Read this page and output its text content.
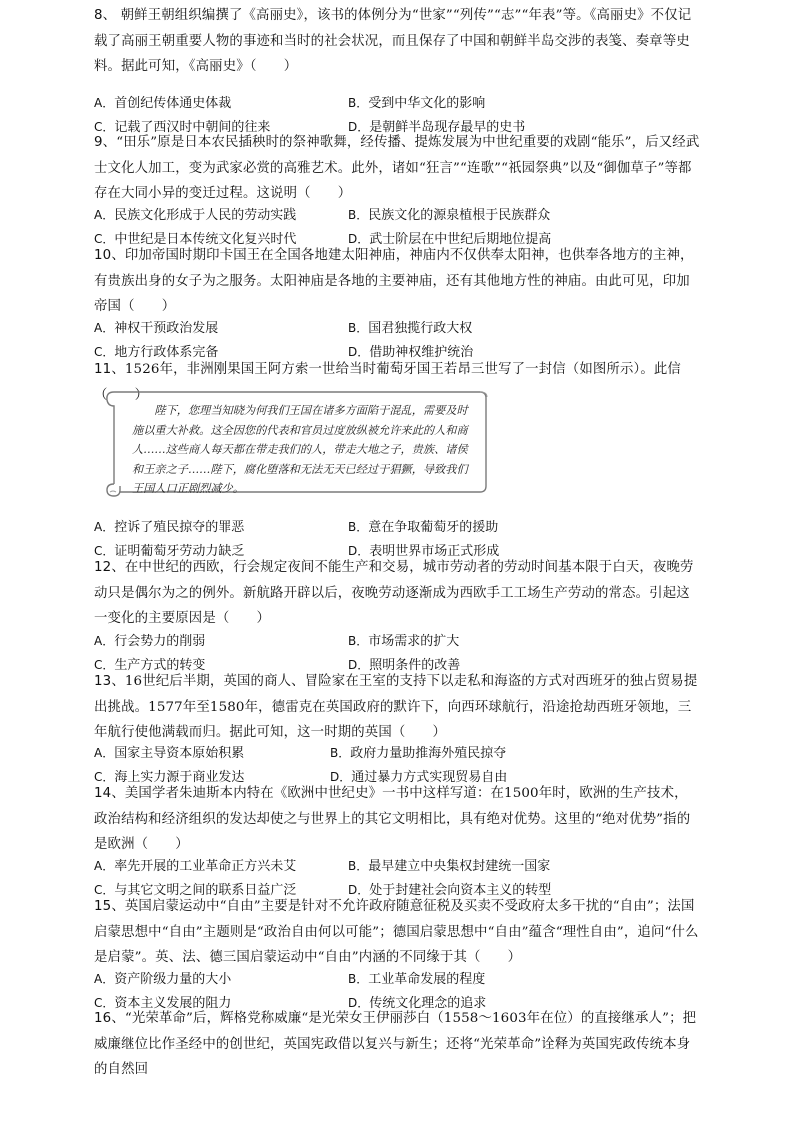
8、 朝鲜王朝组织编撰了《高丽史》，该书的体例分为“世家”“列传”“志”“年表”等。《高丽史》不仅记载了高丽王朝重要人物的事迹和当时的社会状况，而且保存了中国和朝鲜半岛交涉的表笺、奏章等史料。据此可知，《高丽史》（　　）

A．首创纪传体通史体裁	B．受到中华文化的影响
C．记载了西汉时中朝间的往来	D．是朝鲜半岛现存最早的史书

9、“田乐”原是日本农民插秧时的祭神歌舞，经传播、提炼发展为中世纪重要的戏剧“能乐”，后又经武士文化人加工，变为武家必赏的高雅艺术。此外，诸如“狂言”“连歌”“祇园祭典”以及“御伽草子”等都存在大同小异的变迁过程。这说明（　　）

A．民族文化形成于人民的劳动实践	B．民族文化的源泉植根于民族群众
C．中世纪是日本传统文化复兴时代	D．武士阶层在中世纪后期地位提高

10、印加帝国时期印卡国王在全国各地建太阳神庙，神庙内不仅供奉太阳神，也供奉各地方的主神，有贵族出身的女子为之服务。太阳神庙是各地的主要神庙，还有其他地方性的神庙。由此可见，印加帝国（　　）

A．神权干预政治发展	B．国君独揽行政大权
C．地方行政体系完备	D．借助神权维护统治

11、1526年，非洲刚果国王阿方索一世给当时葡萄牙国王若昂三世写了一封信（如图所示）。此信（　　）

陛下，您理当知晓为何我们王国在诸多方面陷于混乱，需要及时施以重大补救。这全因您的代表和官员过度放纵被允许来此的人和商人……这些商人每天都在带走我们的人，带走大地之子，贵族、诸侯和王亲之子……陛下，腐化堕落和无法无天已经过于猖獗，导致我们王国人口正剧烈减少。

A．控诉了殖民掠夺的罪恶	B．意在争取葡萄牙的援助
C．证明葡萄牙劳动力缺乏	D．表明世界市场正式形成

12、在中世纪的西欧，行会规定夜间不能生产和交易，城市劳动者的劳动时间基本限于白天，夜晚劳动只是偶尔为之的例外。新航路开辟以后，夜晚劳动逐渐成为西欧手工工场生产劳动的常态。引起这一变化的主要原因是（　　）

A．行会势力的削弱	B．市场需求的扩大
C．生产方式的转变	D．照明条件的改善

13、16世纪后半期，英国的商人、冒险家在王室的支持下以走私和海盗的方式对西班牙的独占贸易提出挑战。1577年至1580年，德雷克在英国政府的默许下，向西环球航行，沿途抢劫西班牙领地，三年航行使他满载而归。据此可知，这一时期的英国（　　）

A．国家主导资本原始积累	B．政府力量助推海外殖民掠夺
C．海上实力源于商业发达	D．通过暴力方式实现贸易自由

14、美国学者朱迪斯本内特在《欧洲中世纪史》一书中这样写道：在1500年时，欧洲的生产技术，政治结构和经济组织的发达却使之与世界上的其它文明相比，具有绝对优势。这里的“绝对优势”指的是欧洲（　　）

A．率先开展的工业革命正方兴未艾	B．最早建立中央集权封建统一国家
C．与其它文明之间的联系日益广泛	D．处于封建社会向资本主义的转型

15、英国启蒙运动中“自由”主要是针对不允许政府随意征税及买卖不受政府太多干扰的“自由”；法国启蒙思想中“自由”主题则是“政治自由何以可能”；德国启蒙思想中“自由”蕴含“理性自由”，追问“什么是启蒙”。英、法、德三国启蒙运动中“自由”内涵的不同缘于其（　　）

A．资产阶级力量的大小	B．工业革命发展的程度
C．资本主义发展的阻力	D．传统文化理念的追求

16、“光荣革命”后，辉格党称威廉“是光荣女王伊丽莎白（1558～1603年在位）的直接继承人”；把威廉继位比作圣经中的创世纪，英国宪政借以复兴与新生；还将“光荣革命”诠释为英国宪政传统本身的自然回
